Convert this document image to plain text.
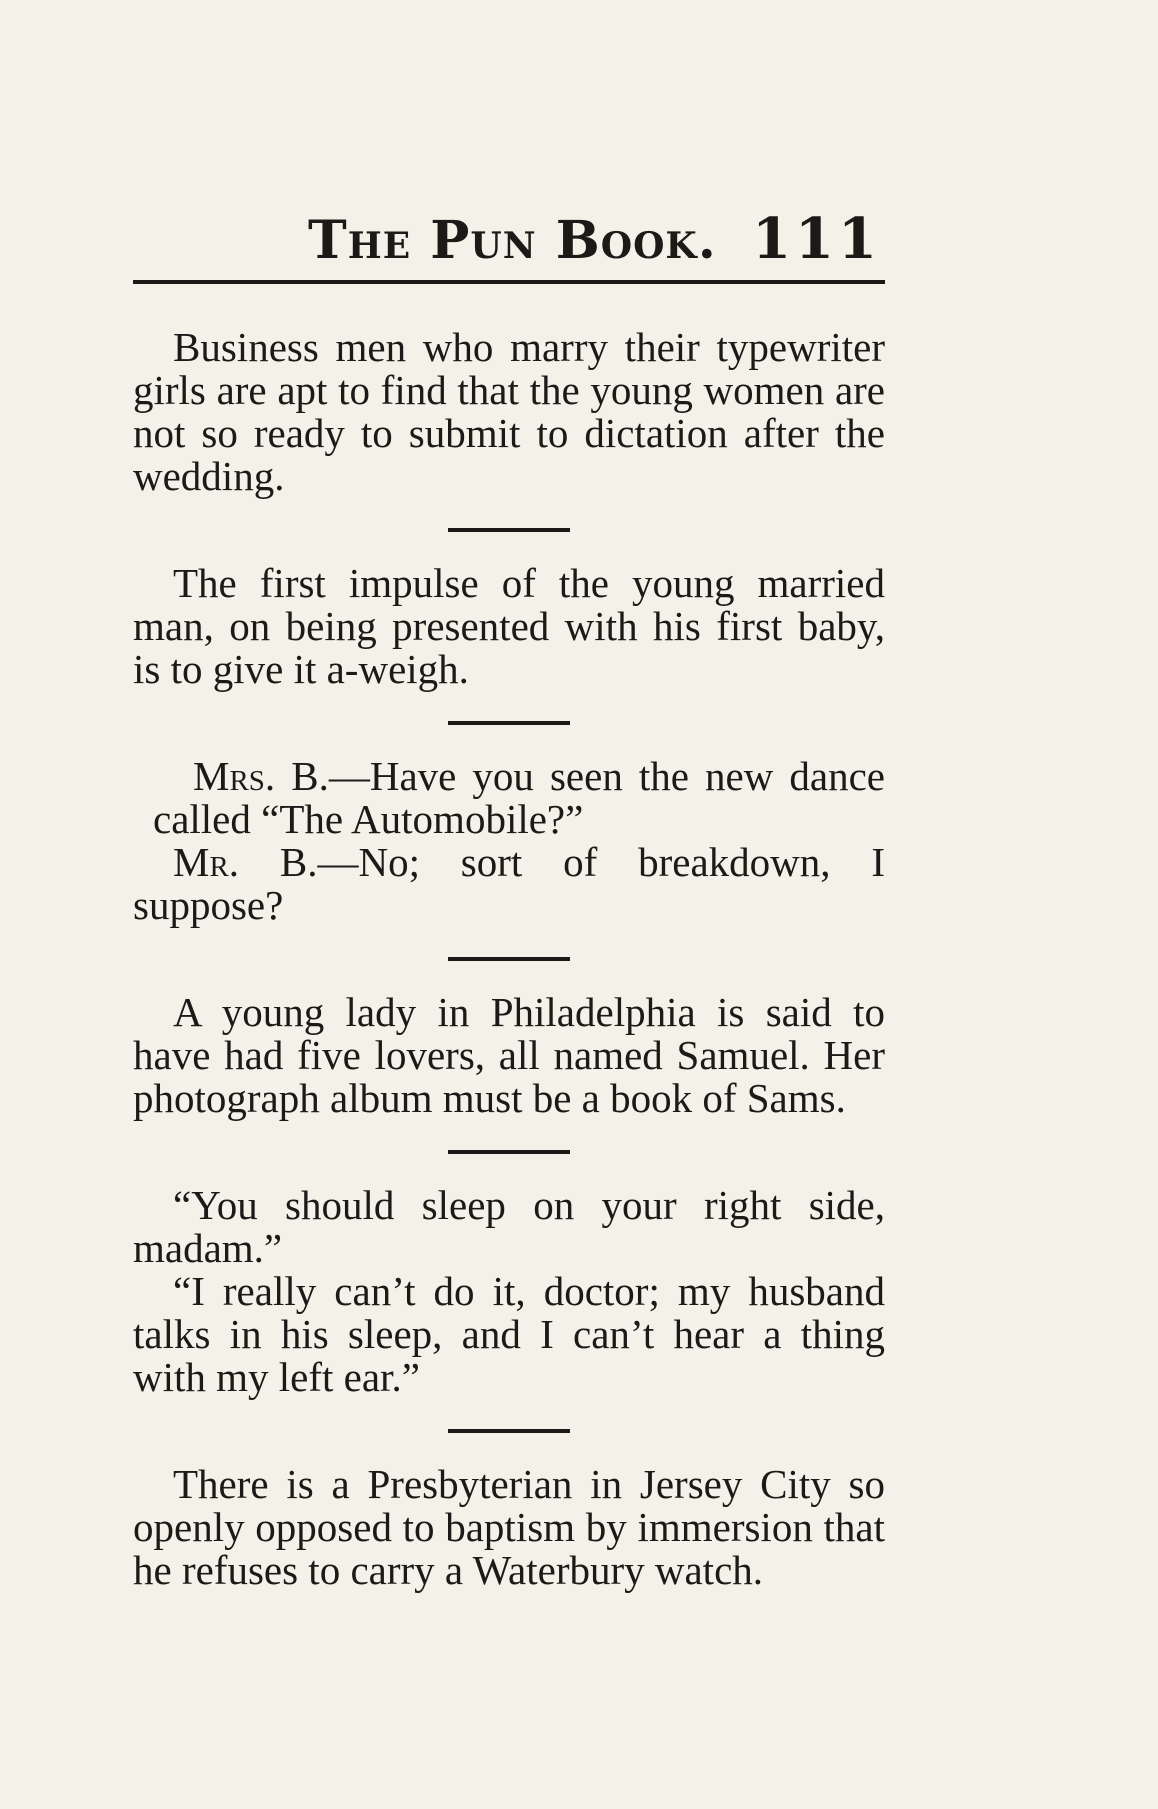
The Pun Book. 111

Business men who marry their typewriter girls are apt to find that the young women are not so ready to submit to dictation after the wedding.

The first impulse of the young married man, on being presented with his first baby, is to give it a-weigh.

Mrs. B.—Have you seen the new dance called “The Automobile?”

Mr. B.—No; sort of breakdown, I suppose?

A young lady in Philadelphia is said to have had five lovers, all named Samuel. Her photograph album must be a book of Sams.

“You should sleep on your right side, madam.”

“I really can’t do it, doctor; my husband talks in his sleep, and I can’t hear a thing with my left ear.”

There is a Presbyterian in Jersey City so openly opposed to baptism by immersion that he refuses to carry a Waterbury watch.
